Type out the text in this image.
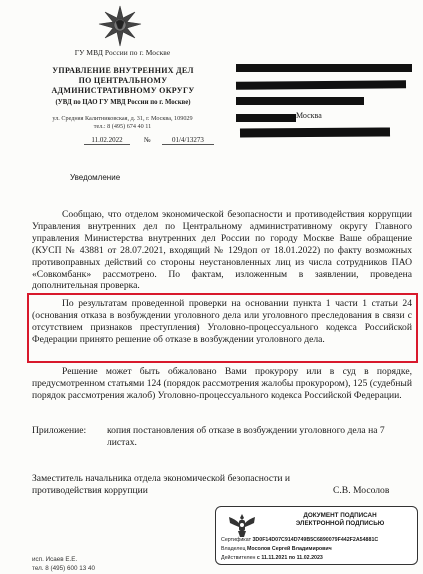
ГУ МВД России по г. Москве
УПРАВЛЕНИЕ ВНУТРЕННИХ ДЕЛ
ПО ЦЕНТРАЛЬНОМУ
АДМИНИСТРАТИВНОМУ ОКРУГУ
(УВД по ЦАО ГУ МВД России по г. Москве)
ул. Средняя Калитниковская, д. 31, г. Москва, 109029
тел.: 8 (495) 674 40 11
11.02.2022	№	01/4/13273
Москва
Уведомление
Сообщаю, что отделом экономической безопасности и противодействия коррупции Управления внутренних дел по Центральному административному округу Главного управления Министерства внутренних дел России по городу Москве Ваше обращение (КУСП № 43881 от 28.07.2021, входящий № 129доп от 18.01.2022) по факту возможных противоправных действий со стороны неустановленных лиц из числа сотрудников ПАО «Совкомбанк» рассмотрено. По фактам, изложенным в заявлении, проведена дополнительная проверка.
По результатам проведенной проверки на основании пункта 1 части 1 статьи 24 (основания отказа в возбуждении уголовного дела или уголовного преследования в связи с отсутствием признаков преступления) Уголовно-процессуального кодекса Российской Федерации принято решение об отказе в возбуждении уголовного дела.
Решение может быть обжаловано Вами прокурору или в суд в порядке, предусмотренном статьями 124 (порядок рассмотрения жалобы прокурором), 125 (судебный порядок рассмотрения жалоб) Уголовно-процессуального кодекса Российской Федерации.
Приложение: копия постановления об отказе в возбуждении уголовного дела на 7 листах.
Заместитель начальника отдела экономической безопасности и противодействия коррупции	С.В. Мосолов
ДОКУМЕНТ ПОДПИСАН
ЭЛЕКТРОННОЙ ПОДПИСЬЮ
Сертификат 3D0F14D07C914D749B5C6890079F442F2A54881C
Владелец Мосолов Сергей Владимирович
Действителен с 11.11.2021 по 11.02.2023
исп. Исаев Е.Е.
тел. 8 (495) 600 13 40
